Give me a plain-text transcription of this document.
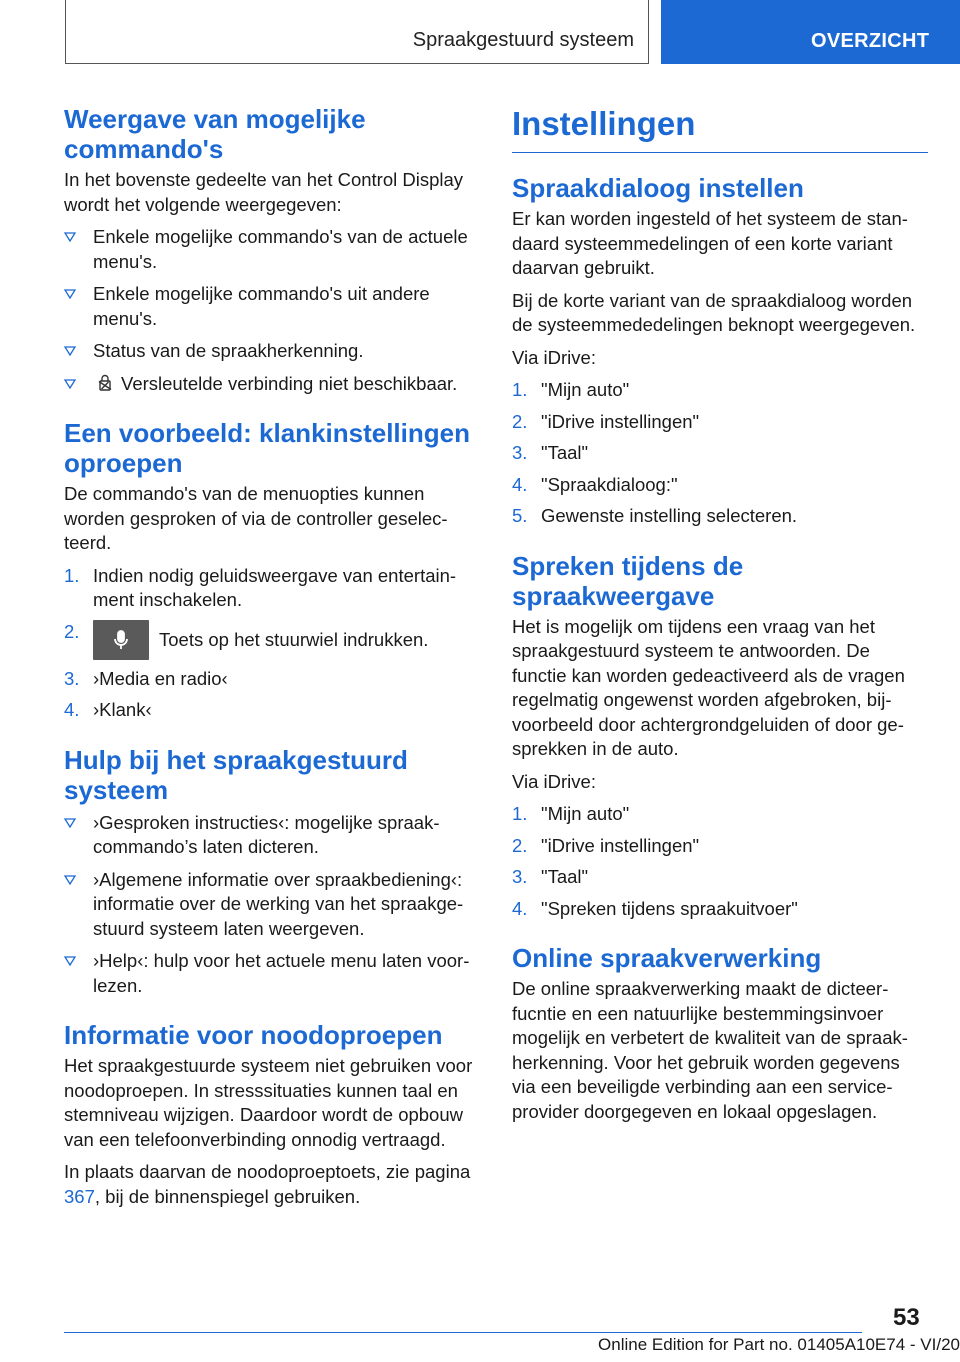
Spraakgestuurd systeem	OVERZICHT
Weergave van mogelijke commando's

In het bovenste gedeelte van het Control Display wordt het volgende weergegeven:

Enkele mogelijke commando's van de actuele menu's.
Enkele mogelijke commando's uit andere menu's.
Status van de spraakherkenning.
Versleutelde verbinding niet beschikbaar.
Een voorbeeld: klankinstellingen oproepen

De commando's van de menuopties kunnen worden gesproken of via de controller geselecteerd.

1. Indien nodig geluidsweergave van entertainment inschakelen.
2.	Toets op het stuurwiel indrukken.
3. ›Media en radio‹
4. ›Klank‹
Hulp bij het spraakgestuurd systeem
›Gesproken instructies‹: mogelijke spraakcommando’s laten dicteren.
›Algemene informatie over spraakbediening‹: informatie over de werking van het spraakgestuurd systeem laten weergeven.
›Help‹: hulp voor het actuele menu laten voorlezen.
Informatie voor noodoproepen

Het spraakgestuurde systeem niet gebruiken voor noodoproepen. In stresssituaties kunnen taal en stemniveau wijzigen. Daardoor wordt de opbouw van een telefoonverbinding onnodig vertraagd.

In plaats daarvan de noodoproeptoets, zie pagina 367, bij de binnenspiegel gebruiken.

Instellingen
Spraakdialoog instellen

Er kan worden ingesteld of het systeem de standaard systeemmedelingen of een korte variant daarvan gebruikt.

Bij de korte variant van de spraakdialoog worden de systeemmededelingen beknopt weergegeven.

Via iDrive:

1. "Mijn auto"
2. "iDrive instellingen"
3. "Taal"
4. "Spraakdialoog:"
5. Gewenste instelling selecteren.
Spreken tijdens de spraakweergave

Het is mogelijk om tijdens een vraag van het spraakgestuurd systeem te antwoorden. De functie kan worden gedeactiveerd als de vragen regelmatig ongewenst worden afgebroken, bijvoorbeeld door achtergrondgeluiden of door gesprekken in de auto.

Via iDrive:

1. "Mijn auto"
2. "iDrive instellingen"
3. "Taal"
4. "Spreken tijdens spraakuitvoer"
Online spraakverwerking

De online spraakverwerking maakt de dicteerfucntie en een natuurlijke bestemmingsinvoer mogelijk en verbetert de kwaliteit van de spraakherkenning. Voor het gebruik worden gegevens via een beveiligde verbinding aan een serviceprovider doorgegeven en lokaal opgeslagen.

53
Online Edition for Part no. 01405A10E74 - VI/20
